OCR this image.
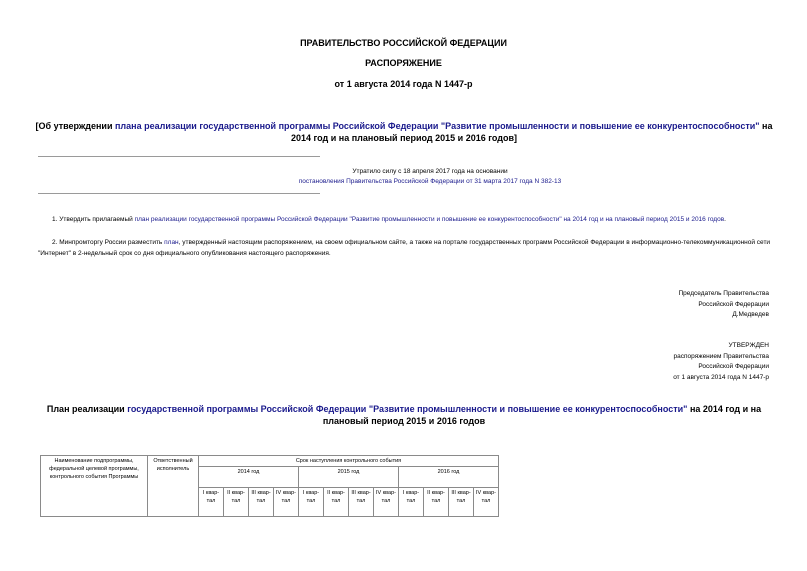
ПРАВИТЕЛЬСТВО РОССИЙСКОЙ ФЕДЕРАЦИИ
РАСПОРЯЖЕНИЕ
от 1 августа 2014 года N 1447-р
[Об утверждении плана реализации государственной программы Российской Федерации "Развитие промышленности и повышение ее конкурентоспособности" на 2014 год и на плановый период 2015 и 2016 годов]
Утратило силу с 18 апреля 2017 года на основании
постановления Правительства Российской Федерации от 31 марта 2017 года N 382-13
1. Утвердить прилагаемый план реализации государственной программы Российской Федерации "Развитие промышленности и повышение ее конкурентоспособности" на 2014 год и на плановый период 2015 и 2016 годов.
2. Минпромторгу России разместить план, утвержденный настоящим распоряжением, на своем официальном сайте, а также на портале государственных программ Российской Федерации в информационно-телекоммуникационной сети "Интернет" в 2-недельный срок со дня официального опубликования настоящего распоряжения.
Председатель Правительства
Российской Федерации
Д.Медведев
УТВЕРЖДЕН
распоряжением Правительства
Российской Федерации
от 1 августа 2014 года N 1447-р
План реализации государственной программы Российской Федерации "Развитие промышленности и повышение ее конкурентоспособности" на 2014 год и на плановый период 2015 и 2016 годов
Наименование подпрограммы, федеральной целевой программы, контрольного события Программы	Ответственный исполнитель	Срок наступления контрольного события											
		2014 год				2015 год				2016 год			
		I квар-тал	II квар-тал	III квар-тал	IV квар-тал	I квар-тал	II квар-тал	III квар-тал	IV квар-тал	I квар-тал	II квар-тал	III квар-тал	IV квар-тал
